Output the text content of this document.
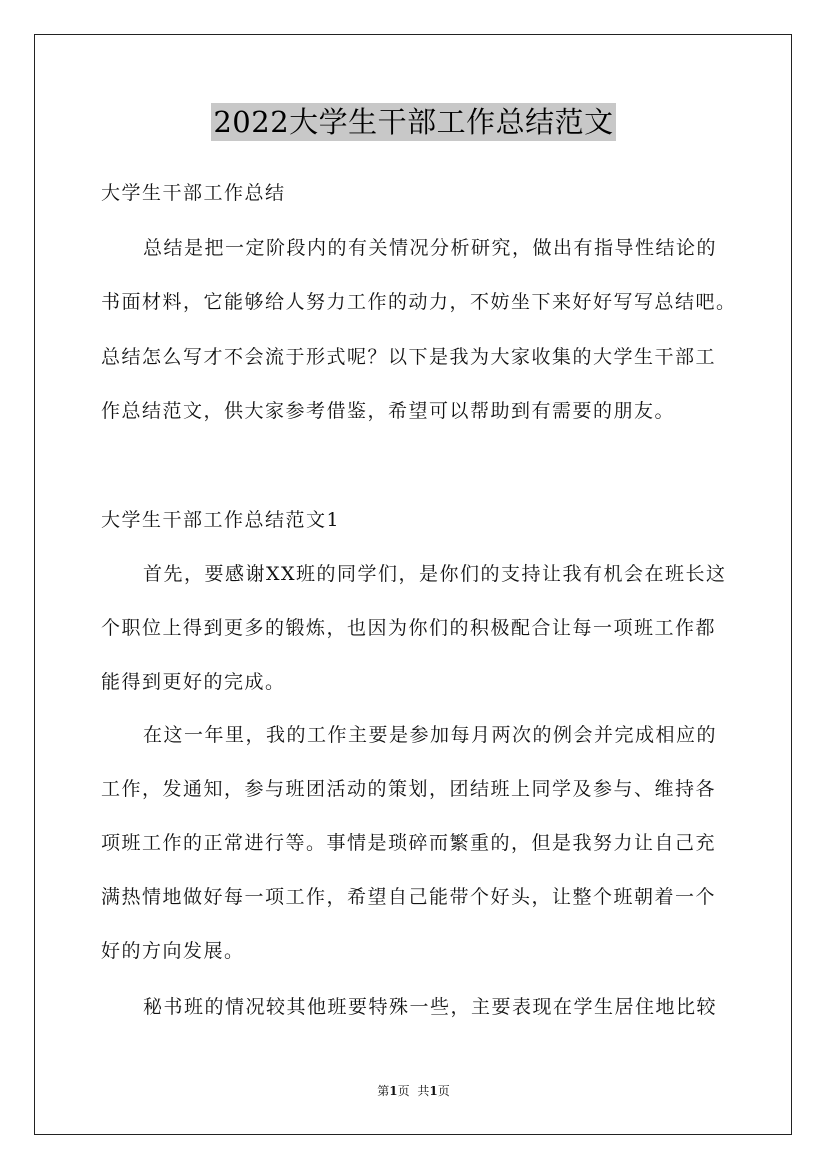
2022大学生干部工作总结范文
大学生干部工作总结
总结是把一定阶段内的有关情况分析研究，做出有指导性结论的
书面材料，它能够给人努力工作的动力，不妨坐下来好好写写总结吧。
总结怎么写才不会流于形式呢？以下是我为大家收集的大学生干部工
作总结范文，供大家参考借鉴，希望可以帮助到有需要的朋友。
大学生干部工作总结范文1
首先，要感谢XX班的同学们，是你们的支持让我有机会在班长这
个职位上得到更多的锻炼，也因为你们的积极配合让每一项班工作都
能得到更好的完成。
在这一年里，我的工作主要是参加每月两次的例会并完成相应的
工作，发通知，参与班团活动的策划，团结班上同学及参与、维持各
项班工作的正常进行等。事情是琐碎而繁重的，但是我努力让自己充
满热情地做好每一项工作，希望自己能带个好头，让整个班朝着一个
好的方向发展。
秘书班的情况较其他班要特殊一些，主要表现在学生居住地比较
第1页 共1页
